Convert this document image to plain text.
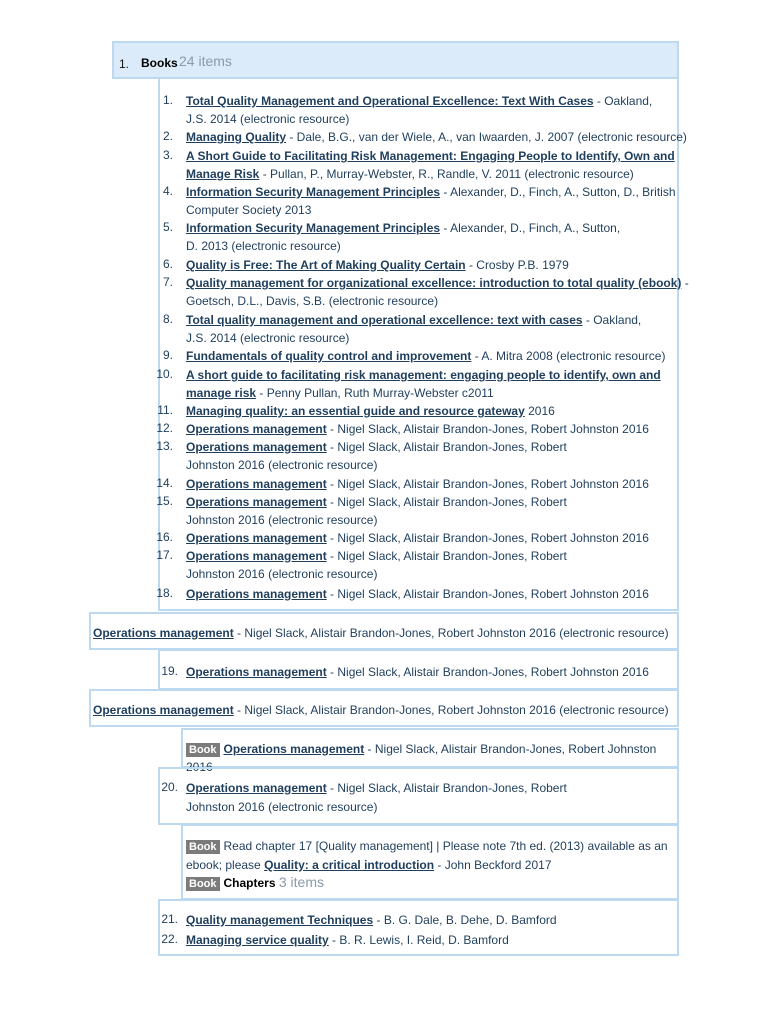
1. Books 24 items
1. Total Quality Management and Operational Excellence: Text With Cases - Oakland,
J.S. 2014 (electronic resource)
2. Managing Quality - Dale, B.G., van der Wiele, A., van Iwaarden, J. 2007 (electronic resource)
3. A Short Guide to Facilitating Risk Management: Engaging People to Identify, Own and
Manage Risk - Pullan, P., Murray-Webster, R., Randle, V. 2011 (electronic resource)
4. Information Security Management Principles - Alexander, D., Finch, A., Sutton, D., British
Computer Society 2013
5. Information Security Management Principles - Alexander, D., Finch, A., Sutton,
D. 2013 (electronic resource)
6. Quality is Free: The Art of Making Quality Certain - Crosby P.B. 1979
7. Quality management for organizational excellence: introduction to total quality (ebook) -
Goetsch, D.L., Davis, S.B. (electronic resource)
8. Total quality management and operational excellence: text with cases - Oakland,
J.S. 2014 (electronic resource)
9. Fundamentals of quality control and improvement - A. Mitra 2008 (electronic resource)
10. A short guide to facilitating risk management: engaging people to identify, own and
manage risk - Penny Pullan, Ruth Murray-Webster c2011
11. Managing quality: an essential guide and resource gateway 2016
12. Operations management - Nigel Slack, Alistair Brandon-Jones, Robert Johnston 2016
13. Operations management - Nigel Slack, Alistair Brandon-Jones, Robert
Johnston 2016 (electronic resource)
14. Operations management - Nigel Slack, Alistair Brandon-Jones, Robert Johnston 2016
15. Operations management - Nigel Slack, Alistair Brandon-Jones, Robert
Johnston 2016 (electronic resource)
16. Operations management - Nigel Slack, Alistair Brandon-Jones, Robert Johnston 2016
17. Operations management - Nigel Slack, Alistair Brandon-Jones, Robert
Johnston 2016 (electronic resource)
18. Operations management - Nigel Slack, Alistair Brandon-Jones, Robert Johnston 2016
Operations management - Nigel Slack, Alistair Brandon-Jones, Robert Johnston 2016 (electronic resource)
19. Operations management - Nigel Slack, Alistair Brandon-Jones, Robert Johnston 2016
Operations management - Nigel Slack, Alistair Brandon-Jones, Robert Johnston 2016 (electronic resource)
Book Operations management - Nigel Slack, Alistair Brandon-Jones, Robert Johnston 2016
20. Operations management - Nigel Slack, Alistair Brandon-Jones, Robert
Johnston 2016 (electronic resource)
Book Read chapter 17 [Quality management] | Please note 7th ed. (2013) available as an
ebook; please Quality: a critical introduction - John Beckford 2017
Book Chapters 3 items
21. Quality management Techniques - B. G. Dale, B. Dehe, D. Bamford
22. Managing service quality - B. R. Lewis, I. Reid, D. Bamford
